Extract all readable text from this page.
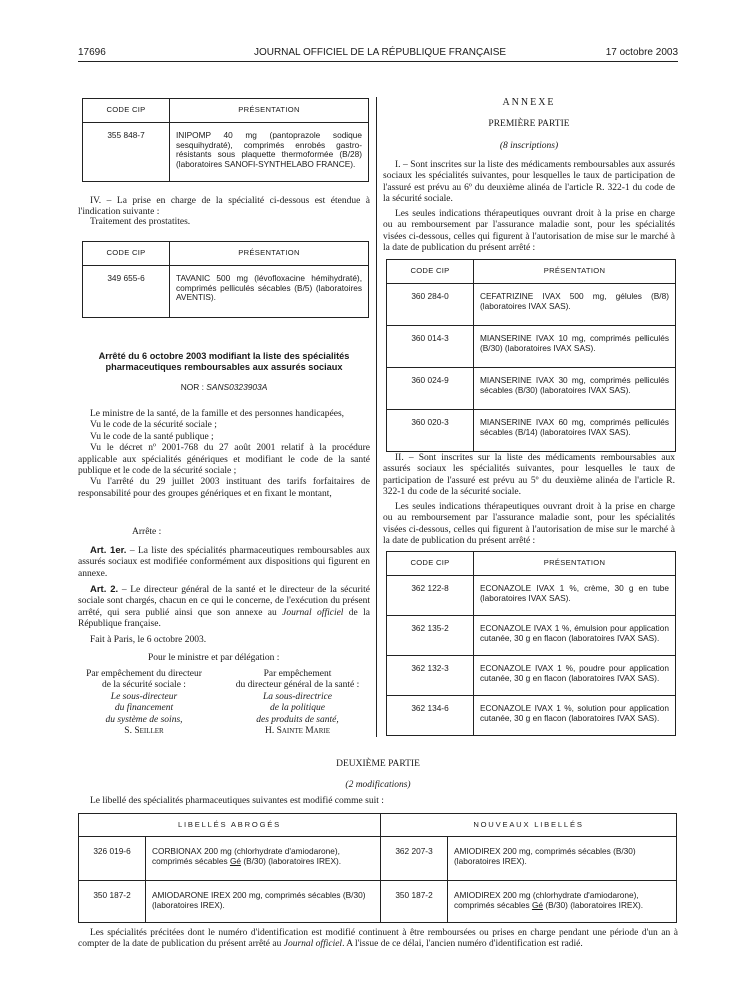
17696	JOURNAL OFFICIEL DE LA RÉPUBLIQUE FRANÇAISE	17 octobre 2003
CODE CIP	PRÉSENTATION
355 848-7	INIPOMP 40 mg (pantoprazole sodique sesquihydraté), comprimés enrobés gastro-résistants sous plaquette thermoformée (B/28) (laboratoires SANOFI-SYNTHELABO FRANCE).
IV. – La prise en charge de la spécialité ci-dessous est étendue à l'indication suivante :
Traitement des prostatites.
CODE CIP	PRÉSENTATION
349 655-6	TAVANIC 500 mg (lévofloxacine hémihydraté), comprimés pelliculés sécables (B/5) (laboratoires AVENTIS).
Arrêté du 6 octobre 2003 modifiant la liste des spécialités pharmaceutiques remboursables aux assurés sociaux
NOR : SANS0323903A

Le ministre de la santé, de la famille et des personnes handicapées,

Vu le code de la sécurité sociale ;

Vu le code de la santé publique ;

Vu le décret nº 2001-768 du 27 août 2001 relatif à la procédure applicable aux spécialités génériques et modifiant le code de la santé publique et le code de la sécurité sociale ;

Vu l'arrêté du 29 juillet 2003 instituant des tarifs forfaitaires de responsabilité pour des groupes génériques et en fixant le montant,

Arrête :
Art. 1er. – La liste des spécialités pharmaceutiques remboursables aux assurés sociaux est modifiée conformément aux dispositions qui figurent en annexe.
Art. 2. – Le directeur général de la santé et le directeur de la sécurité sociale sont chargés, chacun en ce qui le concerne, de l'exécution du présent arrêté, qui sera publié ainsi que son annexe au Journal officiel de la République française.
Fait à Paris, le 6 octobre 2003.
Pour le ministre et par délégation :
Par empêchement du directeur
de la sécurité sociale :
Le sous-directeur
du financement
du système de soins,
S. Seiller
Par empêchement
du directeur général de la santé :
La sous-directrice
de la politique
des produits de santé,
H. Sainte Marie
ANNEXE
PREMIÈRE PARTIE
(8 inscriptions)
I. – Sont inscrites sur la liste des médicaments remboursables aux assurés sociaux les spécialités suivantes, pour lesquelles le taux de participation de l'assuré est prévu au 6º du deuxième alinéa de l'article R. 322-1 du code de la sécurité sociale.
Les seules indications thérapeutiques ouvrant droit à la prise en charge ou au remboursement par l'assurance maladie sont, pour les spécialités visées ci-dessous, celles qui figurent à l'autorisation de mise sur le marché à la date de publication du présent arrêté :
CODE CIP	PRÉSENTATION
360 284-0	CEFATRIZINE IVAX 500 mg, gélules (B/8) (laboratoires IVAX SAS).
360 014-3	MIANSERINE IVAX 10 mg, comprimés pelliculés (B/30) (laboratoires IVAX SAS).
360 024-9	MIANSERINE IVAX 30 mg, comprimés pelliculés sécables (B/30) (laboratoires IVAX SAS).
360 020-3	MIANSERINE IVAX 60 mg, comprimés pelliculés sécables (B/14) (laboratoires IVAX SAS).
II. – Sont inscrites sur la liste des médicaments remboursables aux assurés sociaux les spécialités suivantes, pour lesquelles le taux de participation de l'assuré est prévu au 5º du deuxième alinéa de l'article R. 322-1 du code de la sécurité sociale.
Les seules indications thérapeutiques ouvrant droit à la prise en charge ou au remboursement par l'assurance maladie sont, pour les spécialités visées ci-dessous, celles qui figurent à l'autorisation de mise sur le marché à la date de publication du présent arrêté :
CODE CIP	PRÉSENTATION
362 122-8	ECONAZOLE IVAX 1 %, crème, 30 g en tube (laboratoires IVAX SAS).
362 135-2	ECONAZOLE IVAX 1 %, émulsion pour application cutanée, 30 g en flacon (laboratoires IVAX SAS).
362 132-3	ECONAZOLE IVAX 1 %, poudre pour application cutanée, 30 g en flacon (laboratoires IVAX SAS).
362 134-6	ECONAZOLE IVAX 1 %, solution pour application cutanée, 30 g en flacon (laboratoires IVAX SAS).
DEUXIÈME PARTIE
(2 modifications)
Le libellé des spécialités pharmaceutiques suivantes est modifié comme suit :
LIBELLÉS ABROGÉS		NOUVEAUX LIBELLÉS	
326 019-6	CORBIONAX 200 mg (chlorhydrate d'amiodarone), comprimés sécables Gé (B/30) (laboratoires IREX).	362 207-3	AMIODIREX 200 mg, comprimés sécables (B/30) (laboratoires IREX).
350 187-2	AMIODARONE IREX 200 mg, comprimés sécables (B/30) (laboratoires IREX).	350 187-2	AMIODIREX 200 mg (chlorhydrate d'amiodarone), comprimés sécables Gé (B/30) (laboratoires IREX).
Les spécialités précitées dont le numéro d'identification est modifié continuent à être remboursées ou prises en charge pendant une période d'un an à compter de la date de publication du présent arrêté au Journal officiel. A l'issue de ce délai, l'ancien numéro d'identification est radié.
